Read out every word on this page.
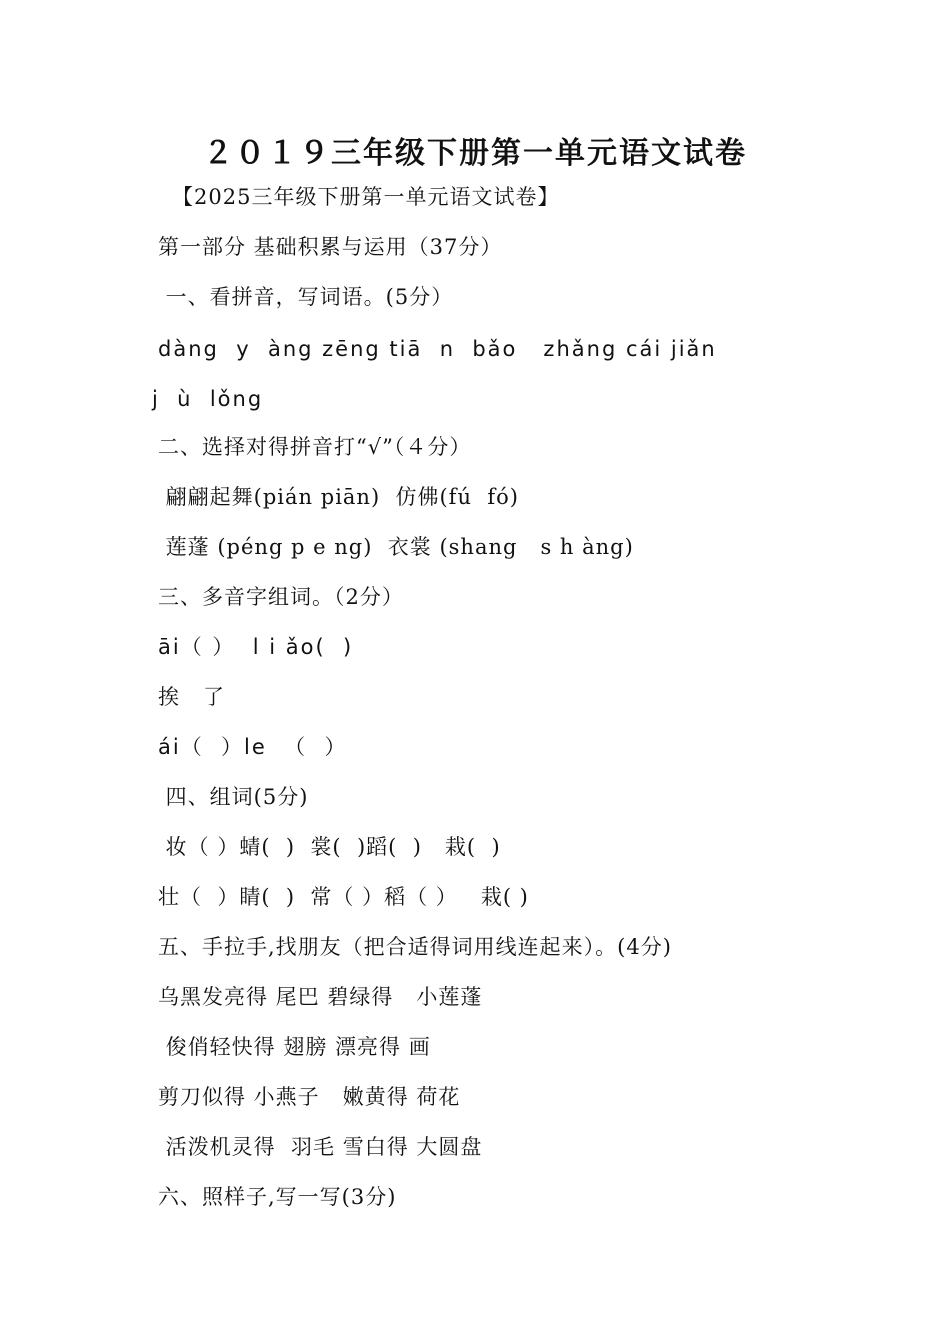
２０１９三年级下册第一单元语文试卷
【2025三年级下册第一单元语文试卷】
第一部分 基础积累与运用（37分）
一、看拼音，写词语。(5分）
dàng  y  àng zēng tiā  n  bǎo   zhǎng cái jiǎn
j  ù  lǒng
二、选择对得拼音打“√”（４分）
翩翩起舞(pián piān)  仿佛(fú  fó)
莲蓬 (péng p e ng)  衣裳 (shang   s h àng)
三、多音字组词。（2分）
āi（ ）  l i ǎo(  )
挨   了
ái（  ）le  （  ）
四、组词(5分)
妆（ ）蜻(  )  裳(  )蹈(  )   栽(  )
壮（  ）睛(  )  常（ ）稻（ ）   栽( )
五、手拉手,找朋友（把合适得词用线连起来）。(4分)
乌黑发亮得 尾巴 碧绿得   小莲蓬
俊俏轻快得 翅膀 漂亮得 画
剪刀似得 小燕子   嫩黄得 荷花
活泼机灵得  羽毛 雪白得 大圆盘
六、照样子,写一写(3分)
